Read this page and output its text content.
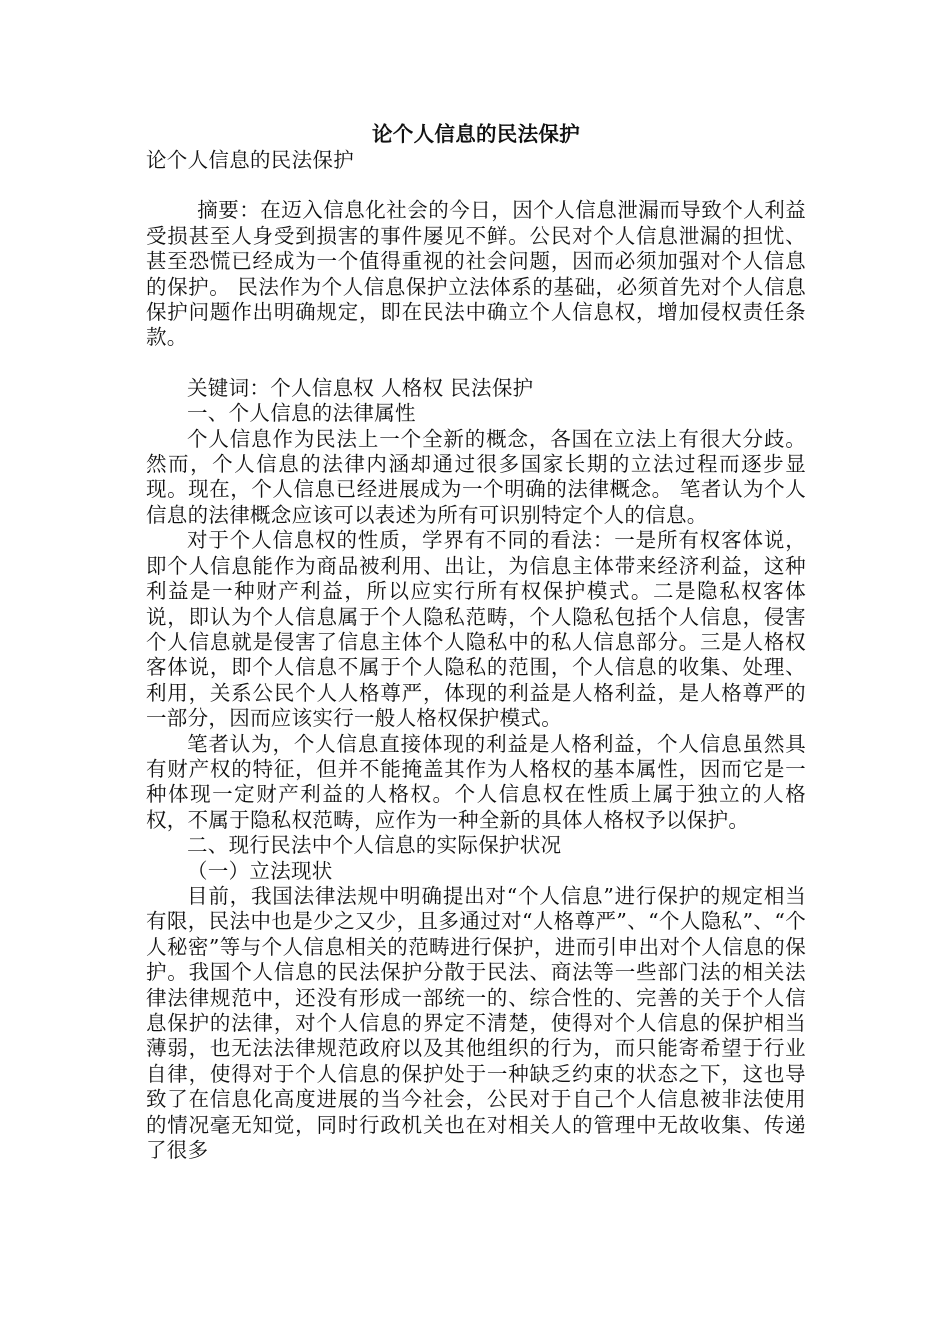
论个人信息的民法保护

论个人信息的民法保护

摘要：在迈入信息化社会的今日，因个人信息泄漏而导致个人利益受损甚至人身受到损害的事件屡见不鲜。公民对个人信息泄漏的担忧、甚至恐慌已经成为一个值得重视的社会问题，因而必须加强对个人信息的保护。 民法作为个人信息保护立法体系的基础，必须首先对个人信息保护问题作出明确规定，即在民法中确立个人信息权，增加侵权责任条款。

关键词：个人信息权 人格权 民法保护

一、个人信息的法律属性

个人信息作为民法上一个全新的概念，各国在立法上有很大分歧。然而，个人信息的法律内涵却通过很多国家长期的立法过程而逐步显现。现在，个人信息已经进展成为一个明确的法律概念。 笔者认为个人信息的法律概念应该可以表述为所有可识别特定个人的信息。

对于个人信息权的性质，学界有不同的看法：一是所有权客体说，即个人信息能作为商品被利用、出让，为信息主体带来经济利益，这种利益是一种财产利益，所以应实行所有权保护模式。二是隐私权客体说，即认为个人信息属于个人隐私范畴，个人隐私包括个人信息，侵害个人信息就是侵害了信息主体个人隐私中的私人信息部分。三是人格权客体说，即个人信息不属于个人隐私的范围，个人信息的收集、处理、利用，关系公民个人人格尊严，体现的利益是人格利益，是人格尊严的一部分，因而应该实行一般人格权保护模式。

笔者认为，个人信息直接体现的利益是人格利益，个人信息虽然具有财产权的特征，但并不能掩盖其作为人格权的基本属性，因而它是一种体现一定财产利益的人格权。个人信息权在性质上属于独立的人格权，不属于隐私权范畴，应作为一种全新的具体人格权予以保护。

二、现行民法中个人信息的实际保护状况

（一）立法现状

目前，我国法律法规中明确提出对“个人信息”进行保护的规定相当有限，民法中也是少之又少，且多通过对“人格尊严”、“个人隐私”、“个人秘密”等与个人信息相关的范畴进行保护，进而引申出对个人信息的保护。我国个人信息的民法保护分散于民法、商法等一些部门法的相关法律法律规范中，还没有形成一部统一的、综合性的、完善的关于个人信息保护的法律，对个人信息的界定不清楚，使得对个人信息的保护相当薄弱，也无法法律规范政府以及其他组织的行为，而只能寄希望于行业自律，使得对于个人信息的保护处于一种缺乏约束的状态之下，这也导致了在信息化高度进展的当今社会，公民对于自己个人信息被非法使用的情况毫无知觉，同时行政机关也在对相关人的管理中无故收集、传递了很多
